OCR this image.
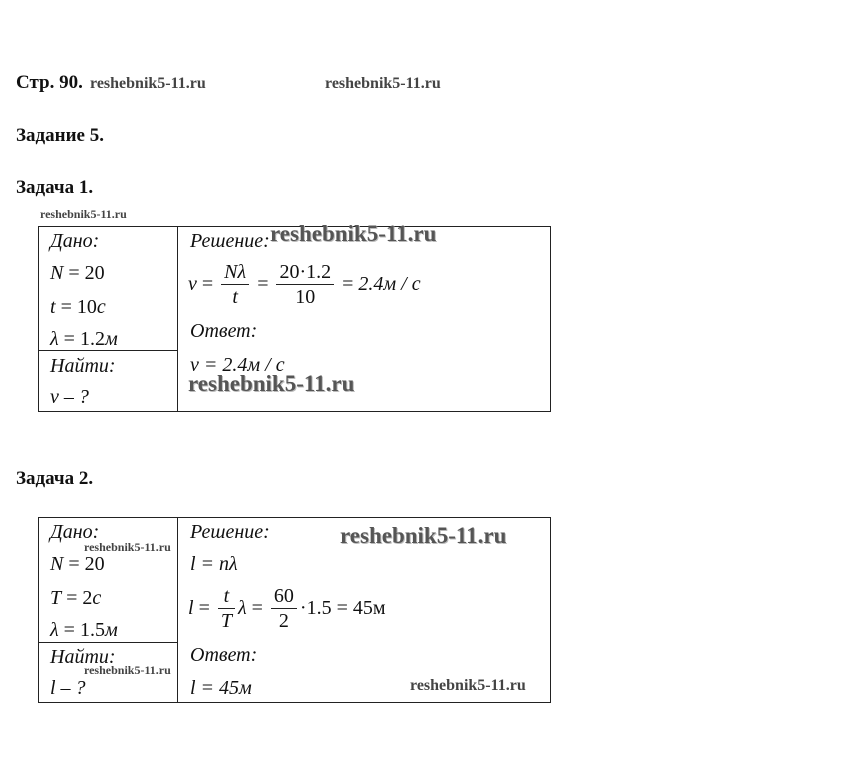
Стр. 90. reshebnik5-11.ru	reshebnik5-11.ru
Задание 5.
Задача 1.
reshebnik5-11.ru
Дано:
N = 20
t = 10с
λ = 1.2м
Найти:
v – ?
Решение: reshebnik5-11.ru
$v = \frac{N\lambda}{t} = \frac{20\cdot 1.2}{10} = 2.4м / с$
Ответ:
v = 2.4м / с
reshebnik5-11.ru
Задача 2.
Дано:
reshebnik5-11.ru
N = 20
T = 2с
λ = 1.5м
Найти:
reshebnik5-11.ru
l – ?
Решение:	reshebnik5-11.ru
l = nλ
$l = \frac{t}{T}$ $\lambda = \frac{60}{2} \cdot 1.5 = 45м$
Ответ:
l = 45м	reshebnik5-11.ru
